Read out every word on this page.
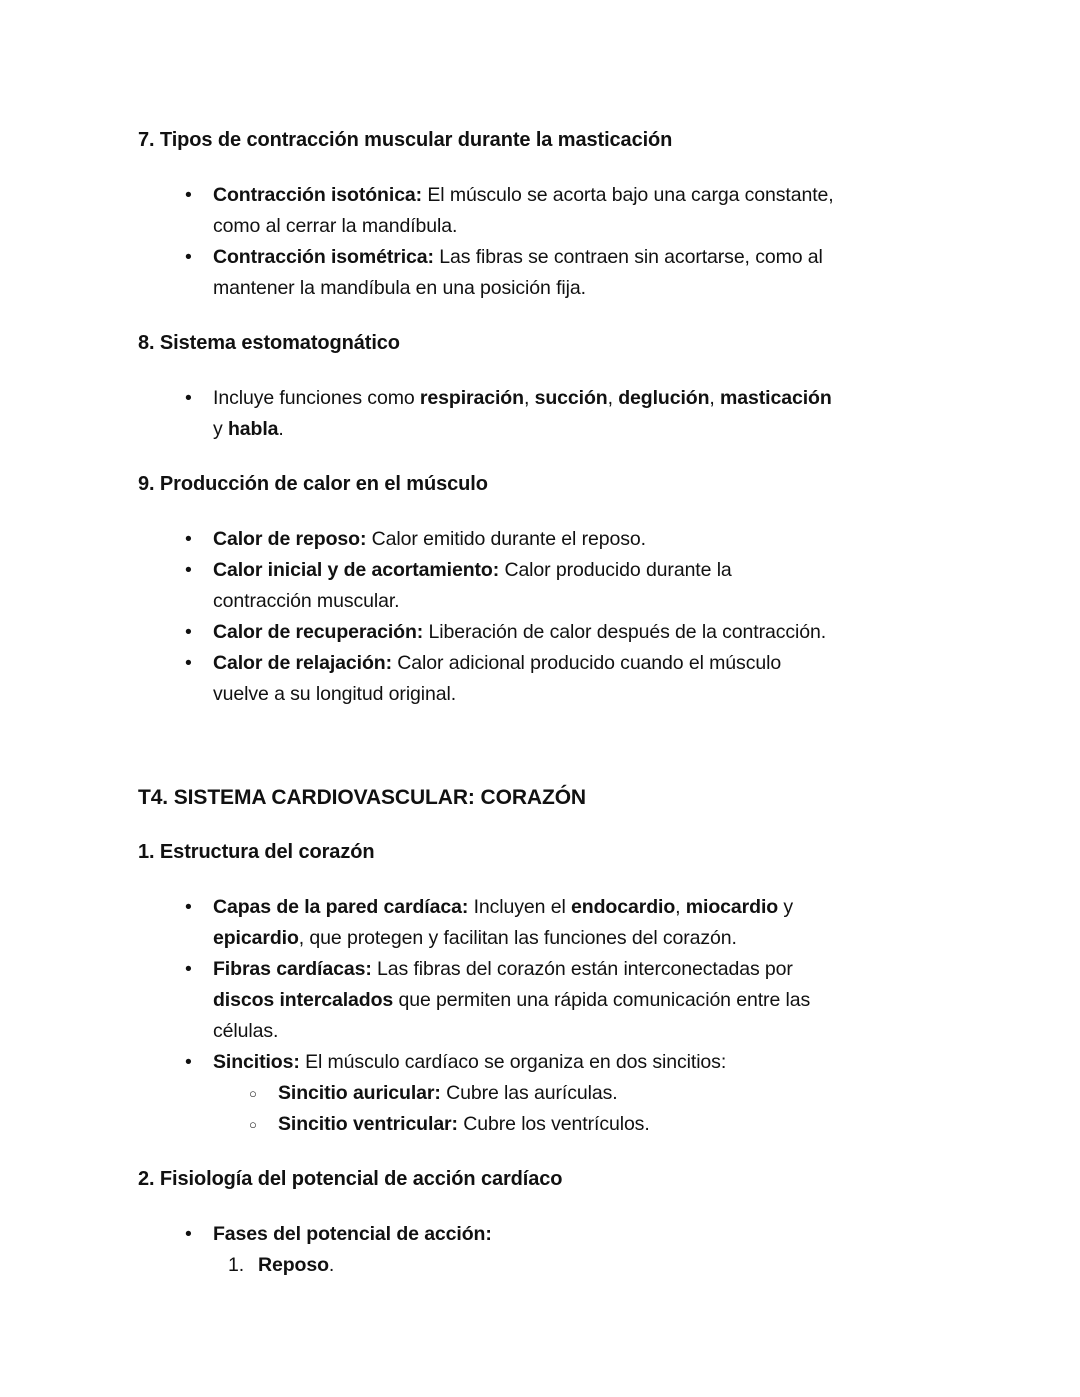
7. Tipos de contracción muscular durante la masticación
• Contracción isotónica: El músculo se acorta bajo una carga constante,
como al cerrar la mandíbula.
• Contracción isométrica: Las fibras se contraen sin acortarse, como al
mantener la mandíbula en una posición fija.
8. Sistema estomatognático
• Incluye funciones como respiración, succión, deglución, masticación
y habla.
9. Producción de calor en el músculo
• Calor de reposo: Calor emitido durante el reposo.
• Calor inicial y de acortamiento: Calor producido durante la
contracción muscular.
• Calor de recuperación: Liberación de calor después de la contracción.
• Calor de relajación: Calor adicional producido cuando el músculo
vuelve a su longitud original.
T4. SISTEMA CARDIOVASCULAR: CORAZÓN
1. Estructura del corazón
• Capas de la pared cardíaca: Incluyen el endocardio, miocardio y
epicardio, que protegen y facilitan las funciones del corazón.
• Fibras cardíacas: Las fibras del corazón están interconectadas por
discos intercalados que permiten una rápida comunicación entre las
células.
• Sincitios: El músculo cardíaco se organiza en dos sincitios:
○ Sincitio auricular: Cubre las aurículas.
○ Sincitio ventricular: Cubre los ventrículos.
2. Fisiología del potencial de acción cardíaco
• Fases del potencial de acción:
1. Reposo.
